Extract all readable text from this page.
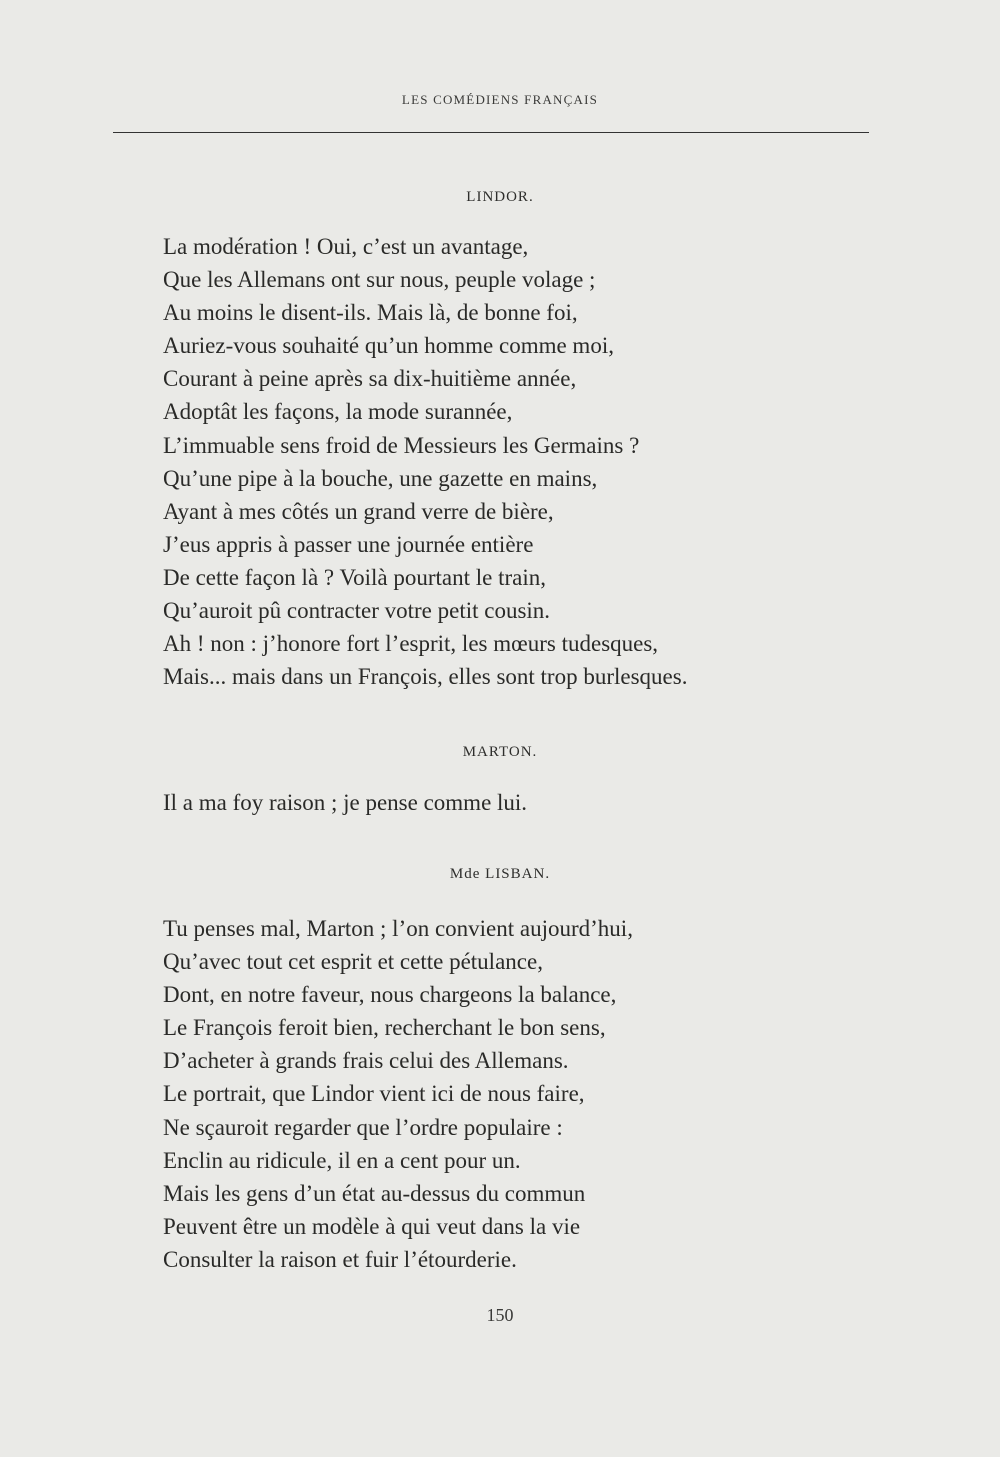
LES COMÉDIENS FRANÇAIS
LINDOR.
La modération ! Oui, c’est un avantage,
Que les Allemans ont sur nous, peuple volage ;
Au moins le disent-ils. Mais là, de bonne foi,
Auriez-vous souhaité qu’un homme comme moi,
Courant à peine après sa dix-huitième année,
Adoptât les façons, la mode surannée,
L’immuable sens froid de Messieurs les Germains ?
Qu’une pipe à la bouche, une gazette en mains,
Ayant à mes côtés un grand verre de bière,
J’eus appris à passer une journée entière
De cette façon là ? Voilà pourtant le train,
Qu’auroit pû contracter votre petit cousin.
Ah ! non : j’honore fort l’esprit, les mœurs tudesques,
Mais... mais dans un François, elles sont trop burlesques.
MARTON.
Il a ma foy raison ; je pense comme lui.
Mde LISBAN.
Tu penses mal, Marton ; l’on convient aujourd’hui,
Qu’avec tout cet esprit et cette pétulance,
Dont, en notre faveur, nous chargeons la balance,
Le François feroit bien, recherchant le bon sens,
D’acheter à grands frais celui des Allemans.
Le portrait, que Lindor vient ici de nous faire,
Ne sçauroit regarder que l’ordre populaire :
Enclin au ridicule, il en a cent pour un.
Mais les gens d’un état au-dessus du commun
Peuvent être un modèle à qui veut dans la vie
Consulter la raison et fuir l’étourderie.
150
